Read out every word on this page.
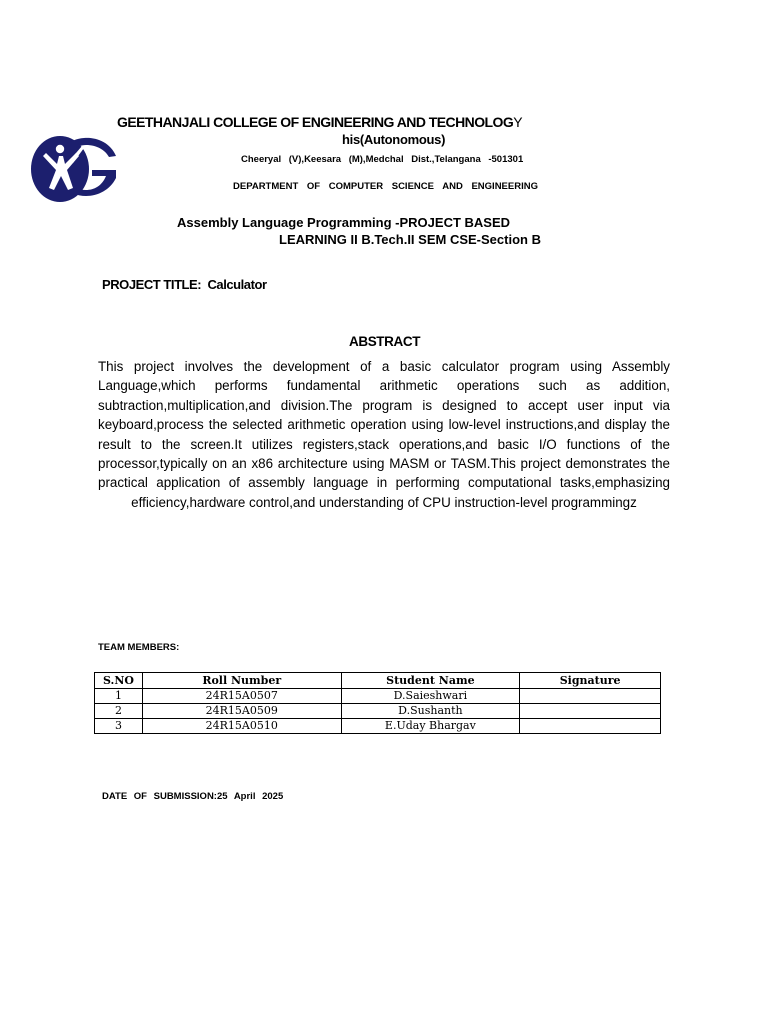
GEETHANJALI COLLEGE OF ENGINEERING AND TECHNOLOGY
his(Autonomous)
Cheeryal (V),Keesara (M),Medchal Dist.,Telangana -501301
DEPARTMENT OF COMPUTER SCIENCE AND ENGINEERING
Assembly Language Programming -PROJECT BASED
LEARNING II B.Tech.II SEM CSE-Section B
PROJECT TITLE: Calculator
ABSTRACT
This project involves the development of a basic calculator program using Assembly Language,which performs fundamental arithmetic operations such as addition, subtraction,multiplication,and division.The program is designed to accept user input via keyboard,process the selected arithmetic operation using low-level instructions,and display the result to the screen.It utilizes registers,stack operations,and basic I/O functions of the processor,typically on an x86 architecture using MASM or TASM.This project demonstrates the practical application of assembly language in performing computational tasks,emphasizing efficiency,hardware control,and understanding of CPU instruction-level programmingz
TEAM MEMBERS:
S.NO	Roll Number	Student Name	Signature
1	24R15A0507	D.Saieshwari	
2	24R15A0509	D.Sushanth	
3	24R15A0510	E.Uday Bhargav	
DATE OF SUBMISSION:25 April 2025
